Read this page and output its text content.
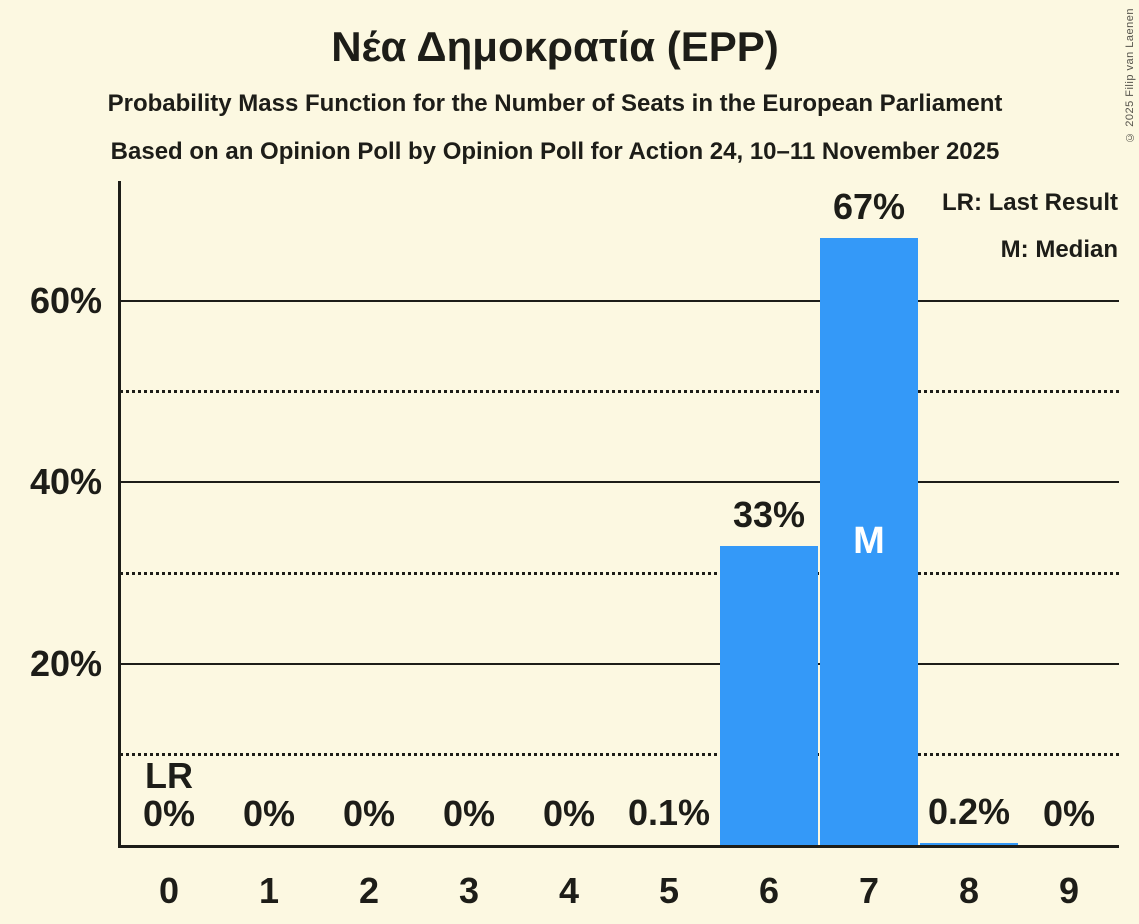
Νέα Δημοκρατία (EPP)
Probability Mass Function for the Number of Seats in the European Parliament
Based on an Opinion Poll by Opinion Poll for Action 24, 10–11 November 2025
© 2025 Filip van Laenen
LR: Last Result
M: Median
20%
40%
60%
0%	0%	0%	0%	0% 0.1%
33%
67%
0.2% 0%
0	1	2	3	4	5	6	7	8	9
LR
M
